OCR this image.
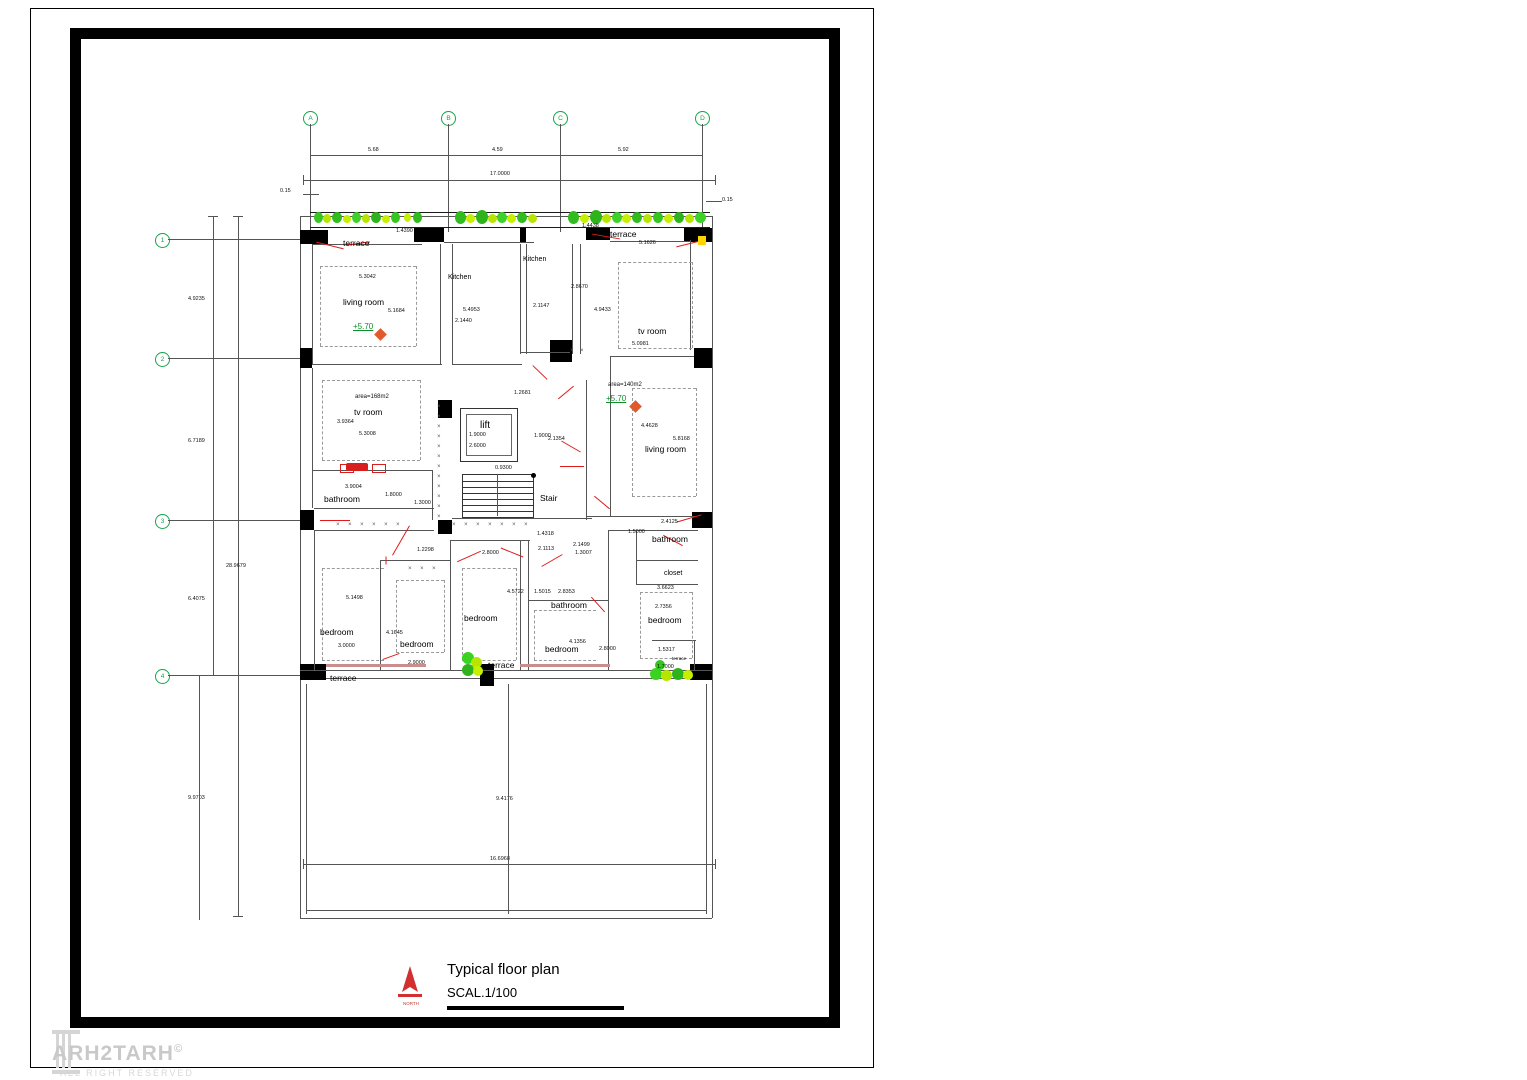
A	B	C	D
1
2
3
4
5.68	4.59	5.92
17.0000
0.15
0.15
4.9235
6.7189
6.4075
9.9703
28.9679
16.6968
9.4176
×
×
×
×
×
×
×
×
×
×
×
×
× × × × × ×	× × × × × × ×
× × ×
× ×
terrace
terrace
terrace
terrace
terrace
living room
living room
Kitchen
Kitchen
tv room
tv room
lift
Stair
bathroom
bathroom
bathroom
closet
bedroom
bedroom
bedroom
bedroom
bedroom
area=168m2
area=140m2
+5.70
+5.70
1.4390
1.4438
5.1626
5.3042
5.1684
2.8670
2.1147
4.9433
5.4953
2.1440
5.0981
1.2681
3.9364
5.3008	1.9000
2.6000
1.9000
2.1354
4.4628
5.8168
0.9300
3.9004
1.8000
1.3000
2.4125
1.5000
1.4318
2.1113
2.1499
1.3007
1.2298	2.8000
3.6623
2.7356
2.8353
1.5015
4.5722
5.1498
4.1645
4.1356
2.8000
3.0000
2.9000
1.5317
1.7000
NORTH
Typical floor plan
SCAL.1/100
ARH2TARH©
ALL RIGHT RESERVED
